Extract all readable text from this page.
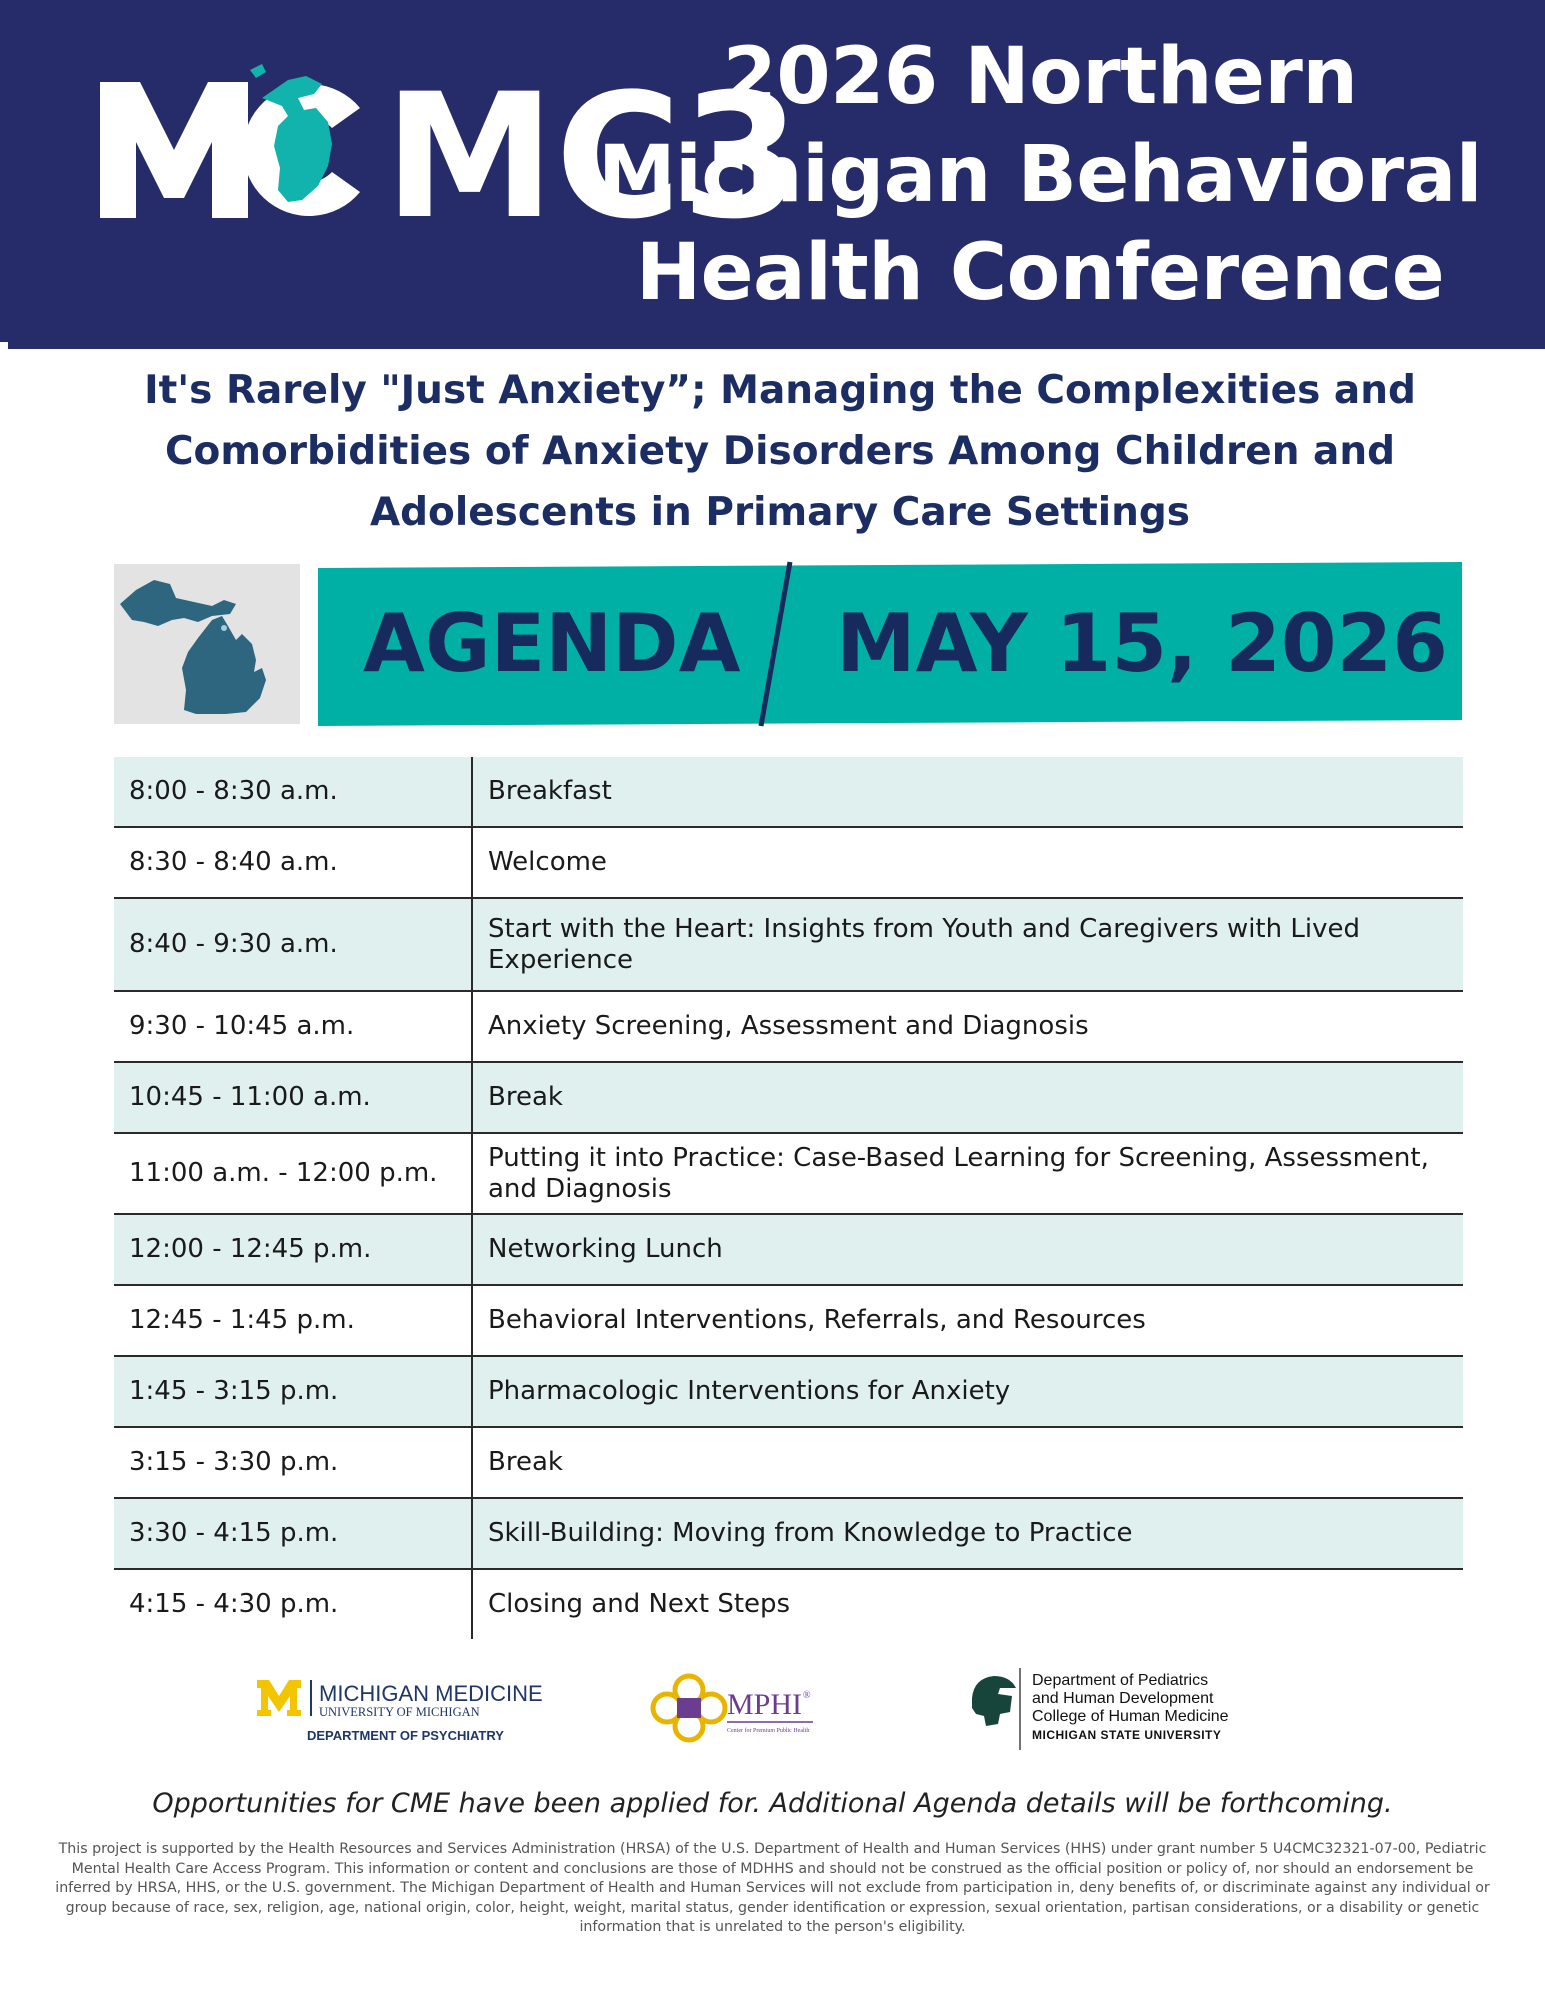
MC3
2026 Northern
Michigan Behavioral
Health Conference
It's Rarely "Just Anxiety”; Managing the Complexities and
Comorbidities of Anxiety Disorders Among Children and
Adolescents in Primary Care Settings
AGENDA MAY 15, 2026
8:00 - 8:30 a.m.	Breakfast
8:30 - 8:40 a.m.	Welcome
8:40 - 9:30 a.m.	Start with the Heart: Insights from Youth and Caregivers with Lived Experience
9:30 - 10:45 a.m.	Anxiety Screening, Assessment and Diagnosis
10:45 - 11:00 a.m.	Break
11:00 a.m. - 12:00 p.m.	Putting it into Practice: Case-Based Learning for Screening, Assessment, and Diagnosis
12:00 - 12:45 p.m.	Networking Lunch
12:45 - 1:45 p.m.	Behavioral Interventions, Referrals, and Resources
1:45 - 3:15 p.m.	Pharmacologic Interventions for Anxiety
3:15 - 3:30 p.m.	Break
3:30 - 4:15 p.m.	Skill-Building: Moving from Knowledge to Practice
4:15 - 4:30 p.m.	Closing and Next Steps
MICHIGAN MEDICINE
UNIVERSITY OF MICHIGAN
DEPARTMENT OF PSYCHIATRY
MPHI ®
Center for Premium Public Health
Department of Pediatrics
and Human Development
College of Human Medicine
MICHIGAN STATE UNIVERSITY
Opportunities for CME have been applied for. Additional Agenda details will be forthcoming.
This project is supported by the Health Resources and Services Administration (HRSA) of the U.S. Department of Health and Human Services (HHS) under grant number 5 U4CMC32321-07-00, Pediatric Mental Health Care Access Program. This information or content and conclusions are those of MDHHS and should not be construed as the official position or policy of, nor should an endorsement be inferred by HRSA, HHS, or the U.S. government. The Michigan Department of Health and Human Services will not exclude from participation in, deny benefits of, or discriminate against any individual or group because of race, sex, religion, age, national origin, color, height, weight, marital status, gender identification or expression, sexual orientation, partisan considerations, or a disability or genetic information that is unrelated to the person's eligibility.
